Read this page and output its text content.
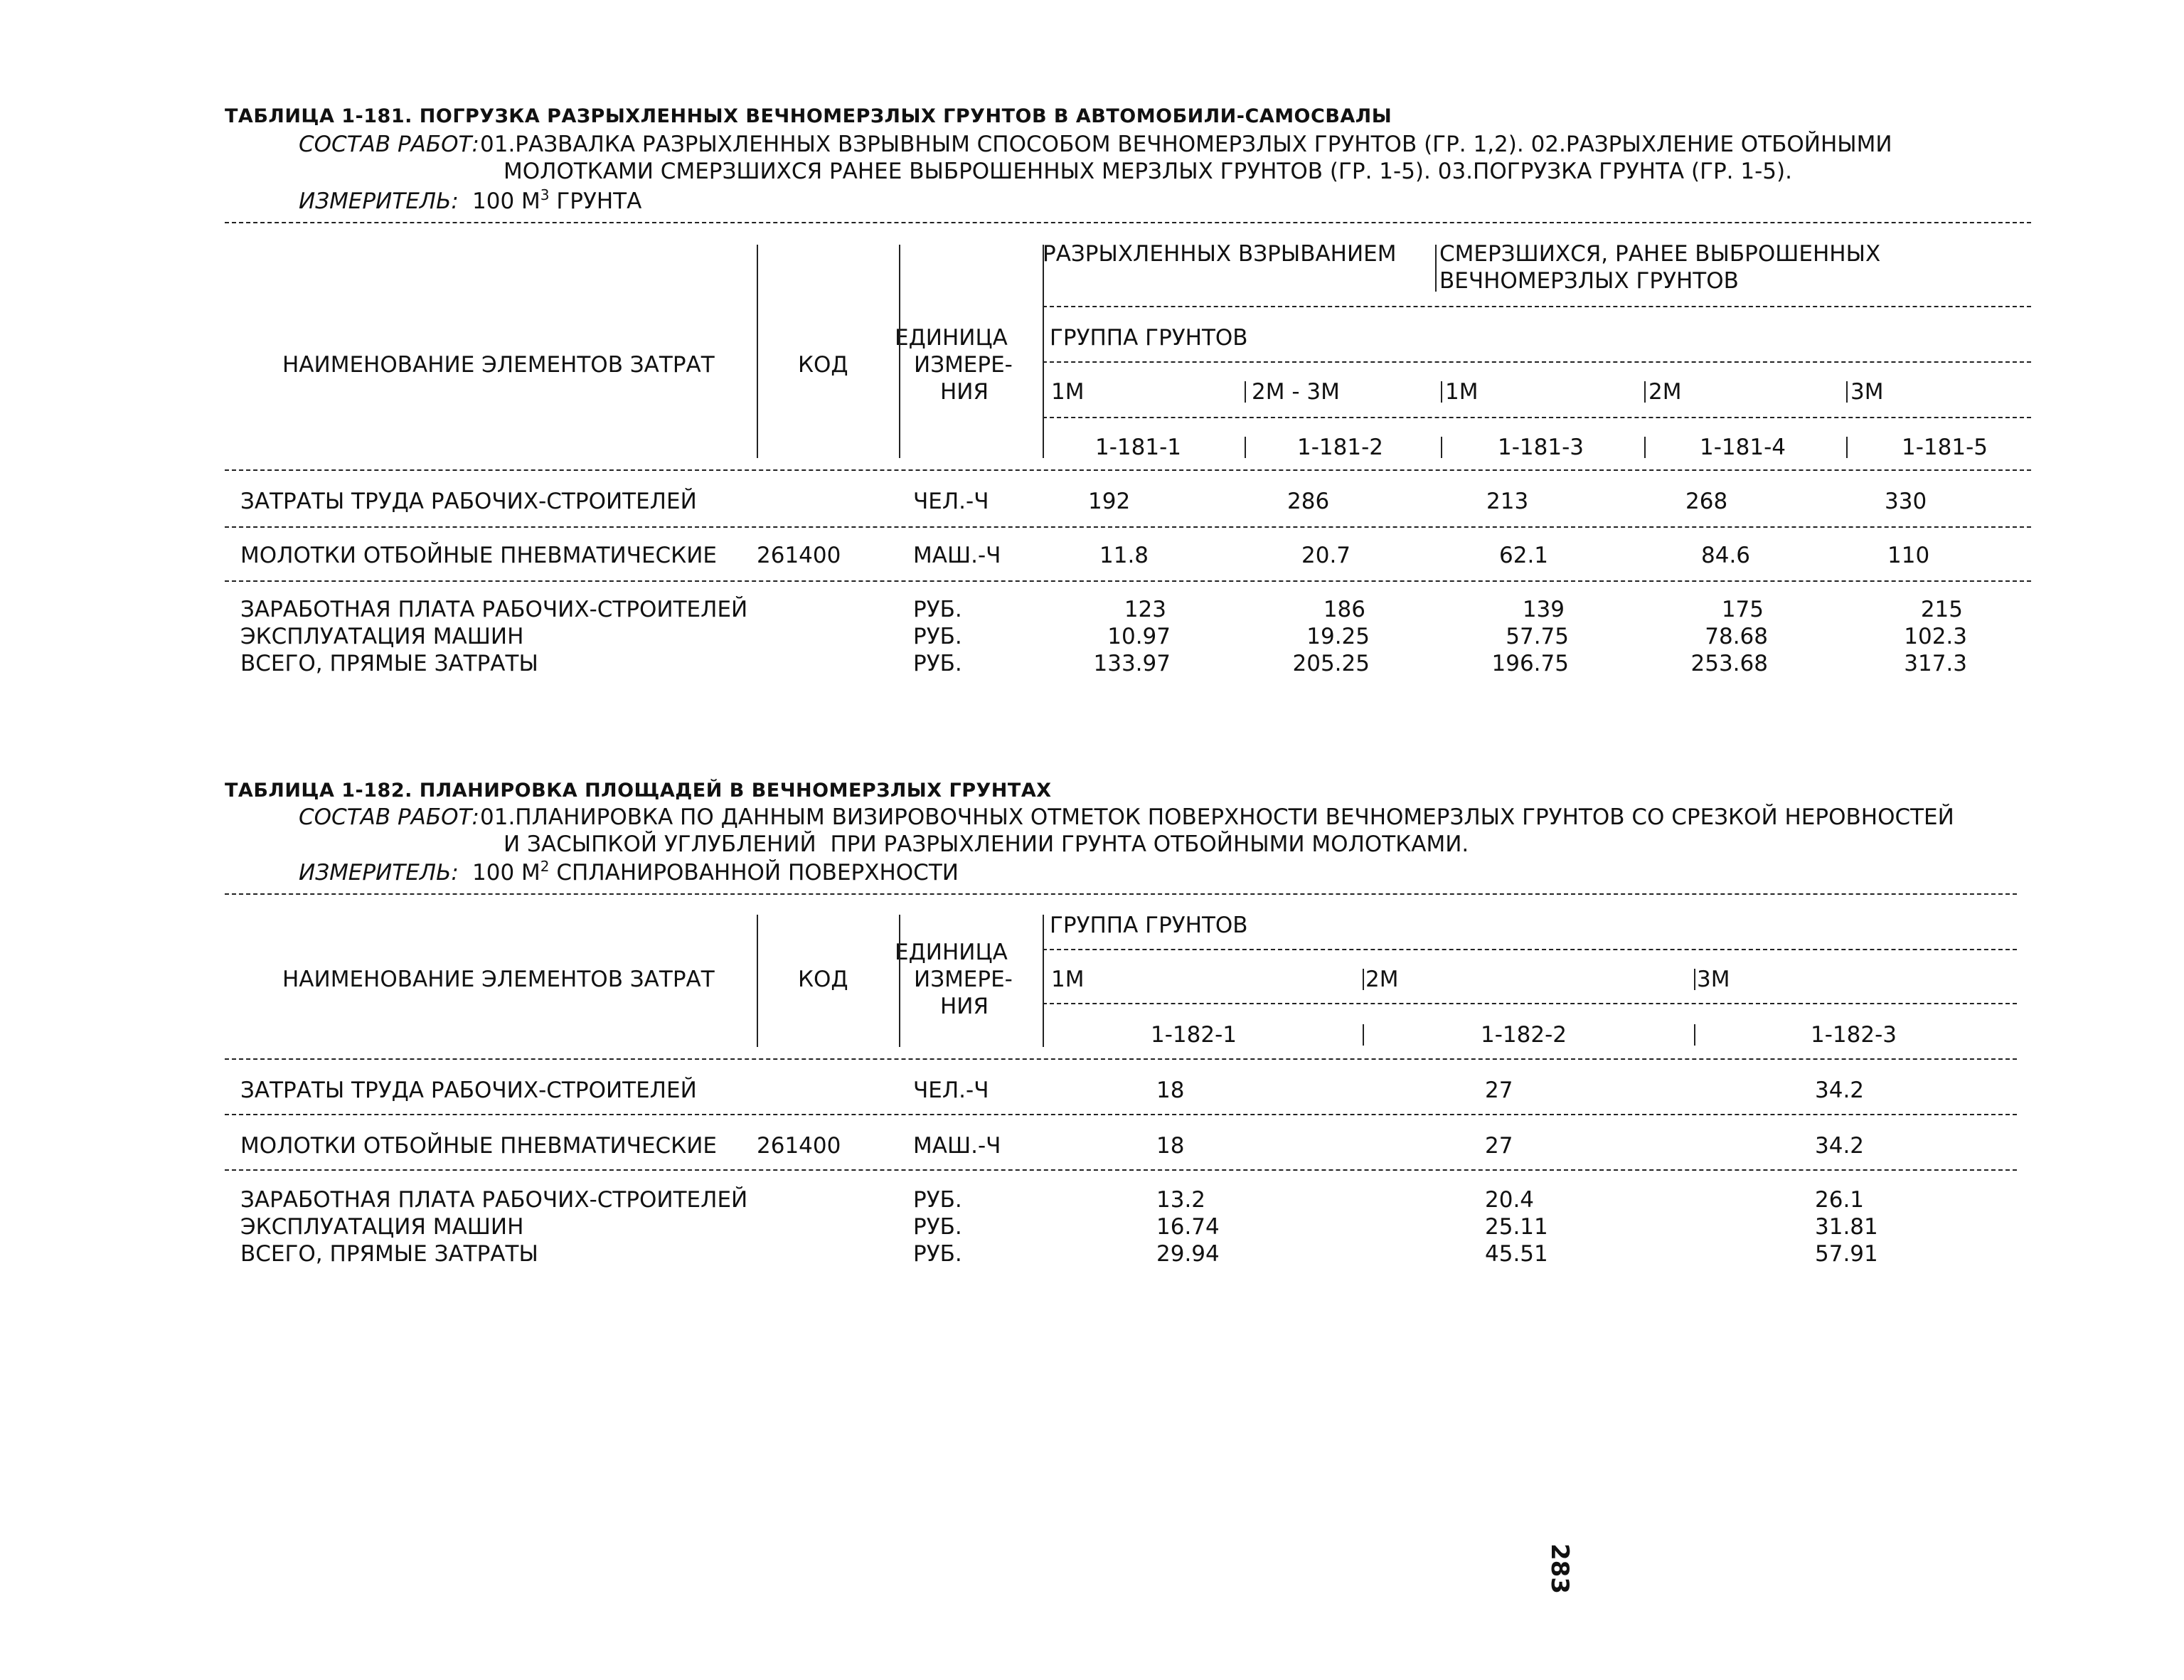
ТАБЛИЦА 1-181. ПОГРУЗКА РАЗРЫХЛЕННЫХ ВЕЧНОМЕРЗЛЫХ ГРУНТОВ В АВТОМОБИЛИ-САМОСВАЛЫ
СОСТАВ РАБОТ: 01.РАЗВАЛКА РАЗРЫХЛЕННЫХ ВЗРЫВНЫМ СПОСОБОМ ВЕЧНОМЕРЗЛЫХ ГРУНТОВ (ГР. 1,2). 02.РАЗРЫХЛЕНИЕ ОТБОЙНЫМИ
МОЛОТКАМИ СМЕРЗШИХСЯ РАНЕЕ ВЫБРОШЕННЫХ МЕРЗЛЫХ ГРУНТОВ (ГР. 1-5). 03.ПОГРУЗКА ГРУНТА (ГР. 1-5).
ИЗМЕРИТЕЛЬ: 100 $М^3$ ГРУНТА
НАИМЕНОВАНИЕ ЭЛЕМЕНТОВ ЗАТРАТ	КОД
ЕДИНИЦА
ИЗМЕРЕ-
НИЯ
РАЗРЫХЛЕННЫХ ВЗРЫВАНИЕМ СМЕРЗШИХСЯ, РАНЕЕ ВЫБРОШЕННЫХ
ВЕЧНОМЕРЗЛЫХ ГРУНТОВ
ГРУППА ГРУНТОВ
1М	2М - 3М	1М	2М	3М
1-181-1	1-181-2	1-181-3	1-181-4	1-181-5
ЗАТРАТЫ ТРУДА РАБОЧИХ-СТРОИТЕЛЕЙ	ЧЕЛ.-Ч	192	286	213	268	330
МОЛОТКИ ОТБОЙНЫЕ ПНЕВМАТИЧЕСКИЕ 261400	МАШ.-Ч	11.8	20.7	62.1	84.6	110
ЗАРАБОТНАЯ ПЛАТА РАБОЧИХ-СТРОИТЕЛЕЙ	РУБ.	123	186	139	175	215
ЭКСПЛУАТАЦИЯ МАШИН	РУБ.	10.97	19.25	57.75	78.68	102.3
ВСЕГО, ПРЯМЫЕ ЗАТРАТЫ	РУБ.	133.97	205.25	196.75	253.68	317.3
ТАБЛИЦА 1-182. ПЛАНИРОВКА ПЛОЩАДЕЙ В ВЕЧНОМЕРЗЛЫХ ГРУНТАХ
СОСТАВ РАБОТ: 01.ПЛАНИРОВКА ПО ДАННЫМ ВИЗИРОВОЧНЫХ ОТМЕТОК ПОВЕРХНОСТИ ВЕЧНОМЕРЗЛЫХ ГРУНТОВ СО СРЕЗКОЙ НЕРОВНОСТЕЙ
И ЗАСЫПКОЙ УГЛУБЛЕНИЙ  ПРИ РАЗРЫХЛЕНИИ ГРУНТА ОТБОЙНЫМИ МОЛОТКАМИ.
ИЗМЕРИТЕЛЬ: 100 $М^2$ СПЛАНИРОВАННОЙ ПОВЕРХНОСТИ
НАИМЕНОВАНИЕ ЭЛЕМЕНТОВ ЗАТРАТ	КОД
ЕДИНИЦА
ИЗМЕРЕ-
НИЯ
ГРУППА ГРУНТОВ
1М	2М	3М
1-182-1	1-182-2	1-182-3
ЗАТРАТЫ ТРУДА РАБОЧИХ-СТРОИТЕЛЕЙ	ЧЕЛ.-Ч	18	27	34.2
МОЛОТКИ ОТБОЙНЫЕ ПНЕВМАТИЧЕСКИЕ 261400	МАШ.-Ч	18	27	34.2
ЗАРАБОТНАЯ ПЛАТА РАБОЧИХ-СТРОИТЕЛЕЙ	РУБ.	13.2	20.4	26.1
ЭКСПЛУАТАЦИЯ МАШИН	РУБ.	16.74	25.11	31.81
ВСЕГО, ПРЯМЫЕ ЗАТРАТЫ	РУБ.	29.94	45.51	57.91
283
